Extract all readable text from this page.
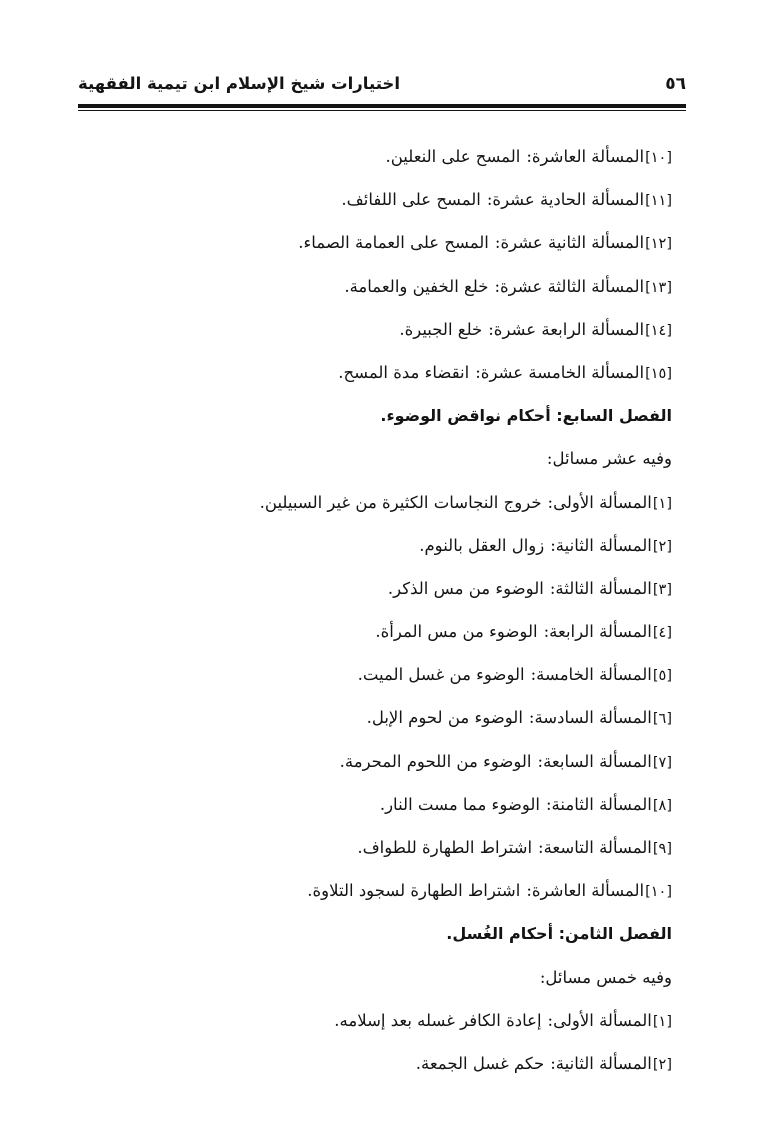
٥٦
اختيارات شيخ الإسلام ابن تيمية الفقهية
[١٠]المسألة العاشرة:المسح على النعلين.
[١١]المسألة الحادية عشرة:المسح على اللفائف.
[١٢]المسألة الثانية عشرة:المسح على العمامة الصماء.
[١٣]المسألة الثالثة عشرة:خلع الخفين والعمامة.
[١٤]المسألة الرابعة عشرة:خلع الجبيرة.
[١٥]المسألة الخامسة عشرة:انقضاء مدة المسح.
الفصل السابع: أحكام نواقض الوضوء.
وفيه عشر مسائل:
[١]المسألة الأولى:خروج النجاسات الكثيرة من غير السبيلين.
[٢]المسألة الثانية:زوال العقل بالنوم.
[٣]المسألة الثالثة:الوضوء من مس الذكر.
[٤]المسألة الرابعة:الوضوء من مس المرأة.
[٥]المسألة الخامسة:الوضوء من غسل الميت.
[٦]المسألة السادسة:الوضوء من لحوم الإبل.
[٧]المسألة السابعة:الوضوء من اللحوم المحرمة.
[٨]المسألة الثامنة:الوضوء مما مست النار.
[٩]المسألة التاسعة:اشتراط الطهارة للطواف.
[١٠]المسألة العاشرة:اشتراط الطهارة لسجود التلاوة.
الفصل الثامن: أحكام الغُسل.
وفيه خمس مسائل:
[١]المسألة الأولى:إعادة الكافر غسله بعد إسلامه.
[٢]المسألة الثانية:حكم غسل الجمعة.
